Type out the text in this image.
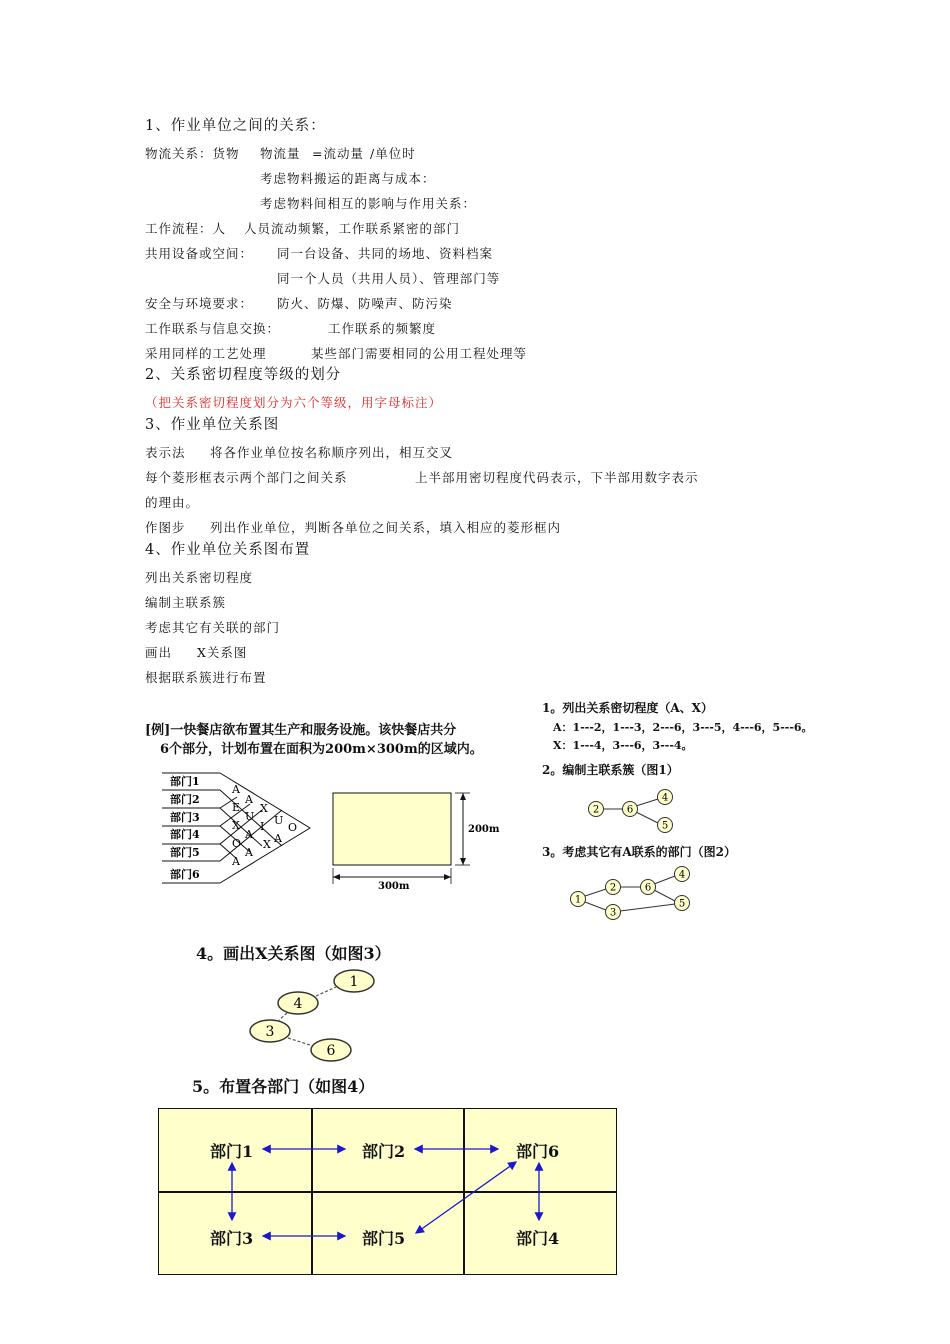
1、作业单位之间的关系：
物流关系：货物 物流量 =流动量 /单位时
考虑物料搬运的距离与成本：
考虑物料间相互的影响与作用关系：
工作流程：人 人员流动频繁，工作联系紧密的部门
共用设备或空间： 同一台设备、共同的场地、资料档案
同一个人员（共用人员）、管理部门等
安全与环境要求： 防火、防爆、防噪声、防污染
工作联系与信息交换：	工作联系的频繁度
采用同样的工艺处理	某些部门需要相同的公用工程处理等
2、关系密切程度等级的划分
（把关系密切程度划分为六个等级，用字母标注）
3、作业单位关系图
表示法 将各作业单位按名称顺序列出，相互交叉
每个菱形框表示两个部门之间关系	上半部用密切程度代码表示，下半部用数字表示
的理由。
作图步 列出作业单位，判断各单位之间关系，填入相应的菱形框内
4、作业单位关系图布置
列出关系密切程度
编制主联系簇
考虑其它有关联的部门
画出　 X关系图
根据联系簇进行布置
[例]一快餐店欲布置其生产和服务设施。该快餐店共分
6个部分，计划布置在面积为200m×300m的区域内。
1。列出关系密切程度（A、X）
A：1---2，1---3，2---6，3---5，4---6，5---6。
X：1---4，3---6，3---4。
2。编制主联系簇（图1）
3。考虑其它有A联系的部门（图2）
4。画出X关系图（如图3）
5。布置各部门（如图4）
部门1
部门2
部门3
部门4
部门5
部门6
A
A
E X
U U
X I O
A A
O X
A
A
200m
300m
2	6
4
5
1
2
3
6
4
5
1
4
3
6
部门1	部门2	部门6
部门3	部门5	部门4
